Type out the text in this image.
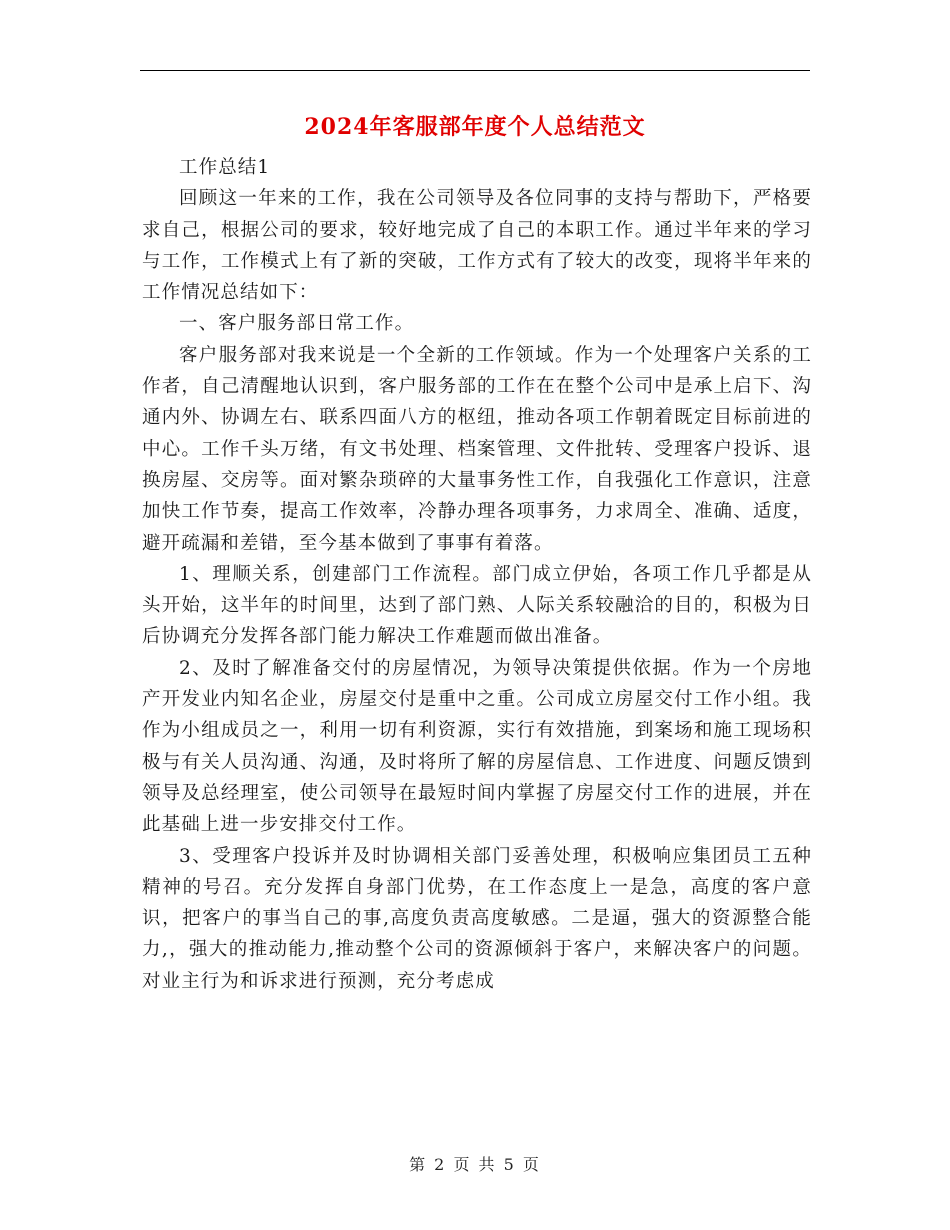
2024年客服部年度个人总结范文

工作总结1

回顾这一年来的工作，我在公司领导及各位同事的支持与帮助下，严格要求自己，根据公司的要求，较好地完成了自己的本职工作。通过半年来的学习与工作，工作模式上有了新的突破，工作方式有了较大的改变，现将半年来的工作情况总结如下：

一、客户服务部日常工作。

客户服务部对我来说是一个全新的工作领域。作为一个处理客户关系的工作者，自己清醒地认识到，客户服务部的工作在在整个公司中是承上启下、沟通内外、协调左右、联系四面八方的枢纽，推动各项工作朝着既定目标前进的中心。工作千头万绪，有文书处理、档案管理、文件批转、受理客户投诉、退换房屋、交房等。面对繁杂琐碎的大量事务性工作，自我强化工作意识，注意加快工作节奏，提高工作效率，冷静办理各项事务，力求周全、准确、适度，避开疏漏和差错，至今基本做到了事事有着落。

1、理顺关系，创建部门工作流程。部门成立伊始，各项工作几乎都是从头开始，这半年的时间里，达到了部门熟、人际关系较融洽的目的，积极为日后协调充分发挥各部门能力解决工作难题而做出准备。

2、及时了解准备交付的房屋情况，为领导决策提供依据。作为一个房地产开发业内知名企业，房屋交付是重中之重。公司成立房屋交付工作小组。我作为小组成员之一，利用一切有利资源，实行有效措施，到案场和施工现场积极与有关人员沟通、沟通，及时将所了解的房屋信息、工作进度、问题反馈到领导及总经理室，使公司领导在最短时间内掌握了房屋交付工作的进展，并在此基础上进一步安排交付工作。

3、受理客户投诉并及时协调相关部门妥善处理，积极响应集团员工五种精神的号召。充分发挥自身部门优势，在工作态度上一是急，高度的客户意识，把客户的事当自己的事,高度负责高度敏感。二是逼，强大的资源整合能力,，强大的推动能力,推动整个公司的资源倾斜于客户，来解决客户的问题。对业主行为和诉求进行预测，充分考虑成

第 2 页 共 5 页
